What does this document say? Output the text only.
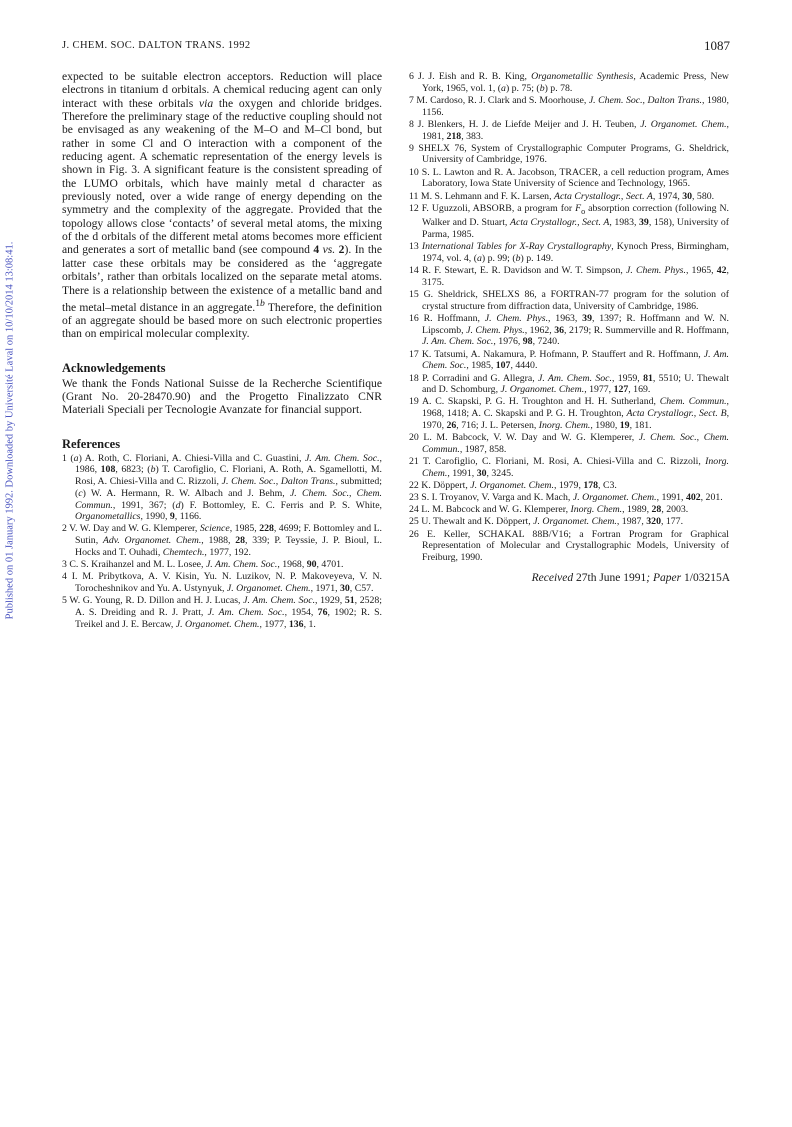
J. CHEM. SOC. DALTON TRANS. 1992	1087
Published on 01 January 1992. Downloaded by Université Laval on 10/10/2014 13:08:41.

expected to be suitable electron acceptors. Reduction will place electrons in titanium d orbitals. A chemical reducing agent can only interact with these orbitals via the oxygen and chloride bridges. Therefore the preliminary stage of the reductive coupling should not be envisaged as any weakening of the M–O and M–Cl bond, but rather in some Cl and O interaction with a component of the reducing agent. A schematic representation of the energy levels is shown in Fig. 3. A significant feature is the consistent spreading of the LUMO orbitals, which have mainly metal d character as previously noted, over a wide range of energy depending on the symmetry and the complexity of the aggregate. Provided that the topology allows close ‘contacts’ of several metal atoms, the mixing of the d orbitals of the different metal atoms becomes more efficient and generates a sort of metallic band (see compound 4 vs. 2). In the latter case these orbitals may be considered as the ‘aggregate orbitals’, rather than orbitals localized on the separate metal atoms. There is a relationship between the existence of a metallic band and the metal–metal distance in an aggregate.$^{1b}$ Therefore, the definition of an aggregate should be based more on such electronic properties than on empirical molecular complexity.

Acknowledgements

We thank the Fonds National Suisse de la Recherche Scientifique (Grant No. 20-28470.90) and the Progetto Finalizzato CNR Materiali Speciali per Tecnologie Avanzate for financial support.

References

1 (a) A. Roth, C. Floriani, A. Chiesi-Villa and C. Guastini, J. Am. Chem. Soc., 1986, 108, 6823; (b) T. Carofiglio, C. Floriani, A. Roth, A. Sgamellotti, M. Rosi, A. Chiesi-Villa and C. Rizzoli, J. Chem. Soc., Dalton Trans., submitted; (c) W. A. Hermann, R. W. Albach and J. Behm, J. Chem. Soc., Chem. Commun., 1991, 367; (d) F. Bottomley, E. C. Ferris and P. S. White, Organometallics, 1990, 9, 1166.

2 V. W. Day and W. G. Klemperer, Science, 1985, 228, 4699; F. Bottomley and L. Sutin, Adv. Organomet. Chem., 1988, 28, 339; P. Teyssie, J. P. Bioul, L. Hocks and T. Ouhadi, Chemtech., 1977, 192.

3 C. S. Kraihanzel and M. L. Losee, J. Am. Chem. Soc., 1968, 90, 4701.

4 I. M. Pribytkova, A. V. Kisin, Yu. N. Luzikov, N. P. Makoveyeva, V. N. Torocheshnikov and Yu. A. Ustynyuk, J. Organomet. Chem., 1971, 30, C57.

5 W. G. Young, R. D. Dillon and H. J. Lucas, J. Am. Chem. Soc., 1929, 51, 2528; A. S. Dreiding and R. J. Pratt, J. Am. Chem. Soc., 1954, 76, 1902; R. S. Treikel and J. E. Bercaw, J. Organomet. Chem., 1977, 136, 1.

6 J. J. Eish and R. B. King, Organometallic Synthesis, Academic Press, New York, 1965, vol. 1, (a) p. 75; (b) p. 78.

7 M. Cardoso, R. J. Clark and S. Moorhouse, J. Chem. Soc., Dalton Trans., 1980, 1156.

8 J. Blenkers, H. J. de Liefde Meijer and J. H. Teuben, J. Organomet. Chem., 1981, 218, 383.

9 SHELX 76, System of Crystallographic Computer Programs, G. Sheldrick, University of Cambridge, 1976.

10 S. L. Lawton and R. A. Jacobson, TRACER, a cell reduction program, Ames Laboratory, Iowa State University of Science and Technology, 1965.

11 M. S. Lehmann and F. K. Larsen, Acta Crystallogr., Sect. A, 1974, 30, 580.

12 F. Uguzzoli, ABSORB, a program for $F_o$ absorption correction (following N. Walker and D. Stuart, Acta Crystallogr., Sect. A, 1983, 39, 158), University of Parma, 1985.

13 International Tables for X-Ray Crystallography, Kynoch Press, Birmingham, 1974, vol. 4, (a) p. 99; (b) p. 149.

14 R. F. Stewart, E. R. Davidson and W. T. Simpson, J. Chem. Phys., 1965, 42, 3175.

15 G. Sheldrick, SHELXS 86, a FORTRAN-77 program for the solution of crystal structure from diffraction data, University of Cambridge, 1986.

16 R. Hoffmann, J. Chem. Phys., 1963, 39, 1397; R. Hoffmann and W. N. Lipscomb, J. Chem. Phys., 1962, 36, 2179; R. Summerville and R. Hoffmann, J. Am. Chem. Soc., 1976, 98, 7240.

17 K. Tatsumi, A. Nakamura, P. Hofmann, P. Stauffert and R. Hoffmann, J. Am. Chem. Soc., 1985, 107, 4440.

18 P. Corradini and G. Allegra, J. Am. Chem. Soc., 1959, 81, 5510; U. Thewalt and D. Schomburg, J. Organomet. Chem., 1977, 127, 169.

19 A. C. Skapski, P. G. H. Troughton and H. H. Sutherland, Chem. Commun., 1968, 1418; A. C. Skapski and P. G. H. Troughton, Acta Crystallogr., Sect. B, 1970, 26, 716; J. L. Petersen, Inorg. Chem., 1980, 19, 181.

20 L. M. Babcock, V. W. Day and W. G. Klemperer, J. Chem. Soc., Chem. Commun., 1987, 858.

21 T. Carofiglio, C. Floriani, M. Rosi, A. Chiesi-Villa and C. Rizzoli, Inorg. Chem., 1991, 30, 3245.

22 K. Döppert, J. Organomet. Chem., 1979, 178, C3.

23 S. I. Troyanov, V. Varga and K. Mach, J. Organomet. Chem., 1991, 402, 201.

24 L. M. Babcock and W. G. Klemperer, Inorg. Chem., 1989, 28, 2003.

25 U. Thewalt and K. Döppert, J. Organomet. Chem., 1987, 320, 177.

26 E. Keller, SCHAKAL 88B/V16; a Fortran Program for Graphical Representation of Molecular and Crystallographic Models, University of Freiburg, 1990.

Received 27th June 1991; Paper 1/03215A
